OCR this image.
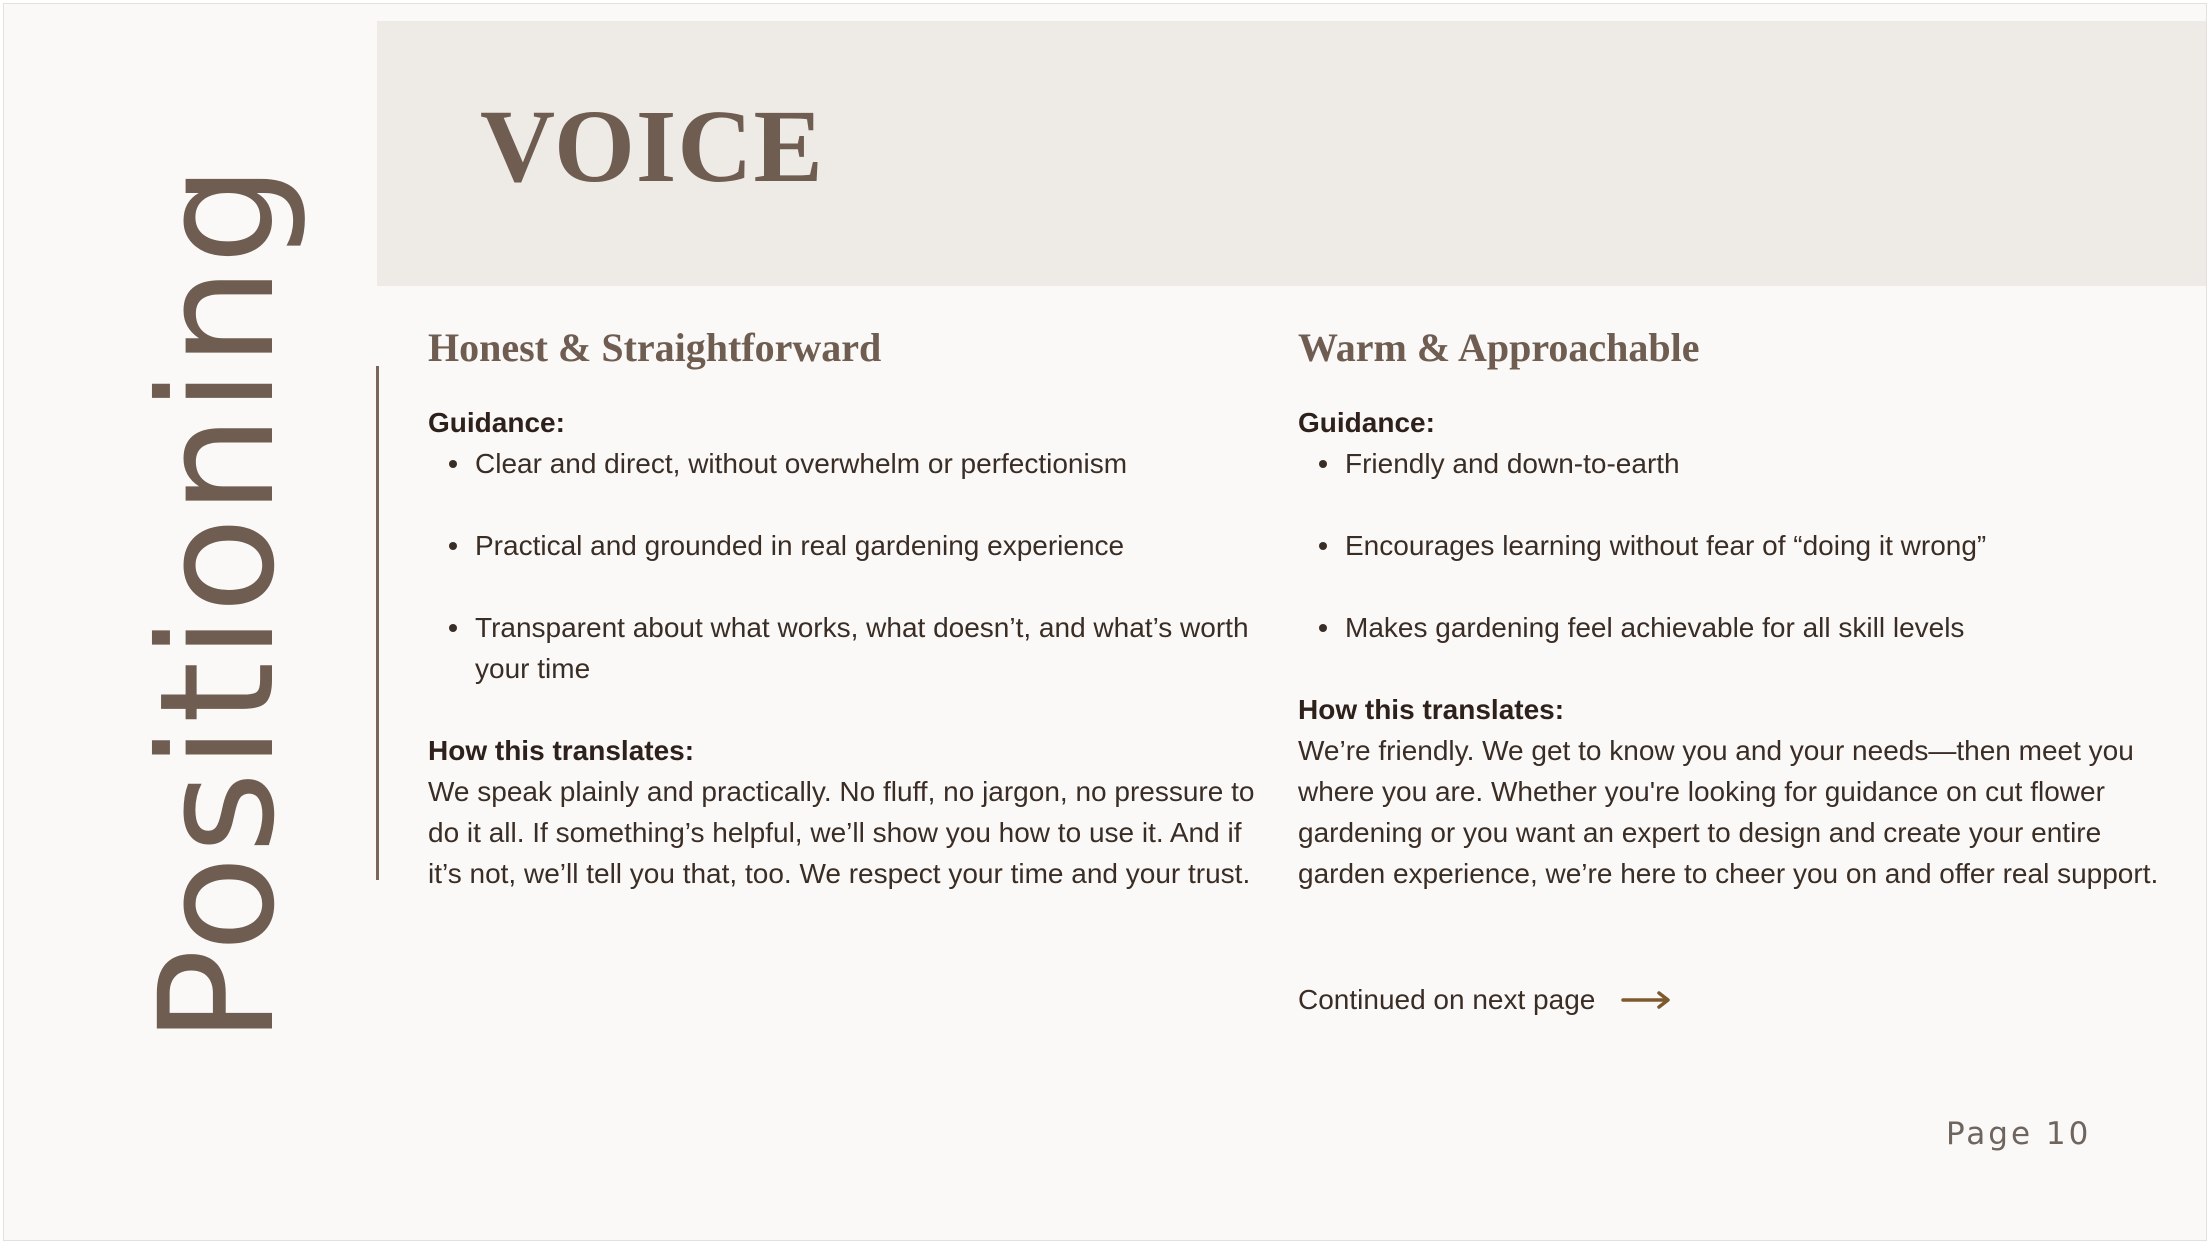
VOICE
Positioning	Honest & Straightforward

Guidance:

Clear and direct, without overwhelm or perfectionism
Practical and grounded in real gardening experience
Transparent about what works, what doesn’t, and what’s worth your time

How this translates:

We speak plainly and practically. No fluff, no jargon, no pressure to do it all. If something’s helpful, we’ll show you how to use it. And if it’s not, we’ll tell you that, too. We respect your time and your trust.

Warm & Approachable

Guidance:

Friendly and down-to-earth
Encourages learning without fear of “doing it wrong”
Makes gardening feel achievable for all skill levels

How this translates:

We’re friendly. We get to know you and your needs—then meet you where you are. Whether you're looking for guidance on cut flower gardening or you want an expert to design and create your entire garden experience, we’re here to cheer you on and offer real support.

Continued on next page
Page 10
